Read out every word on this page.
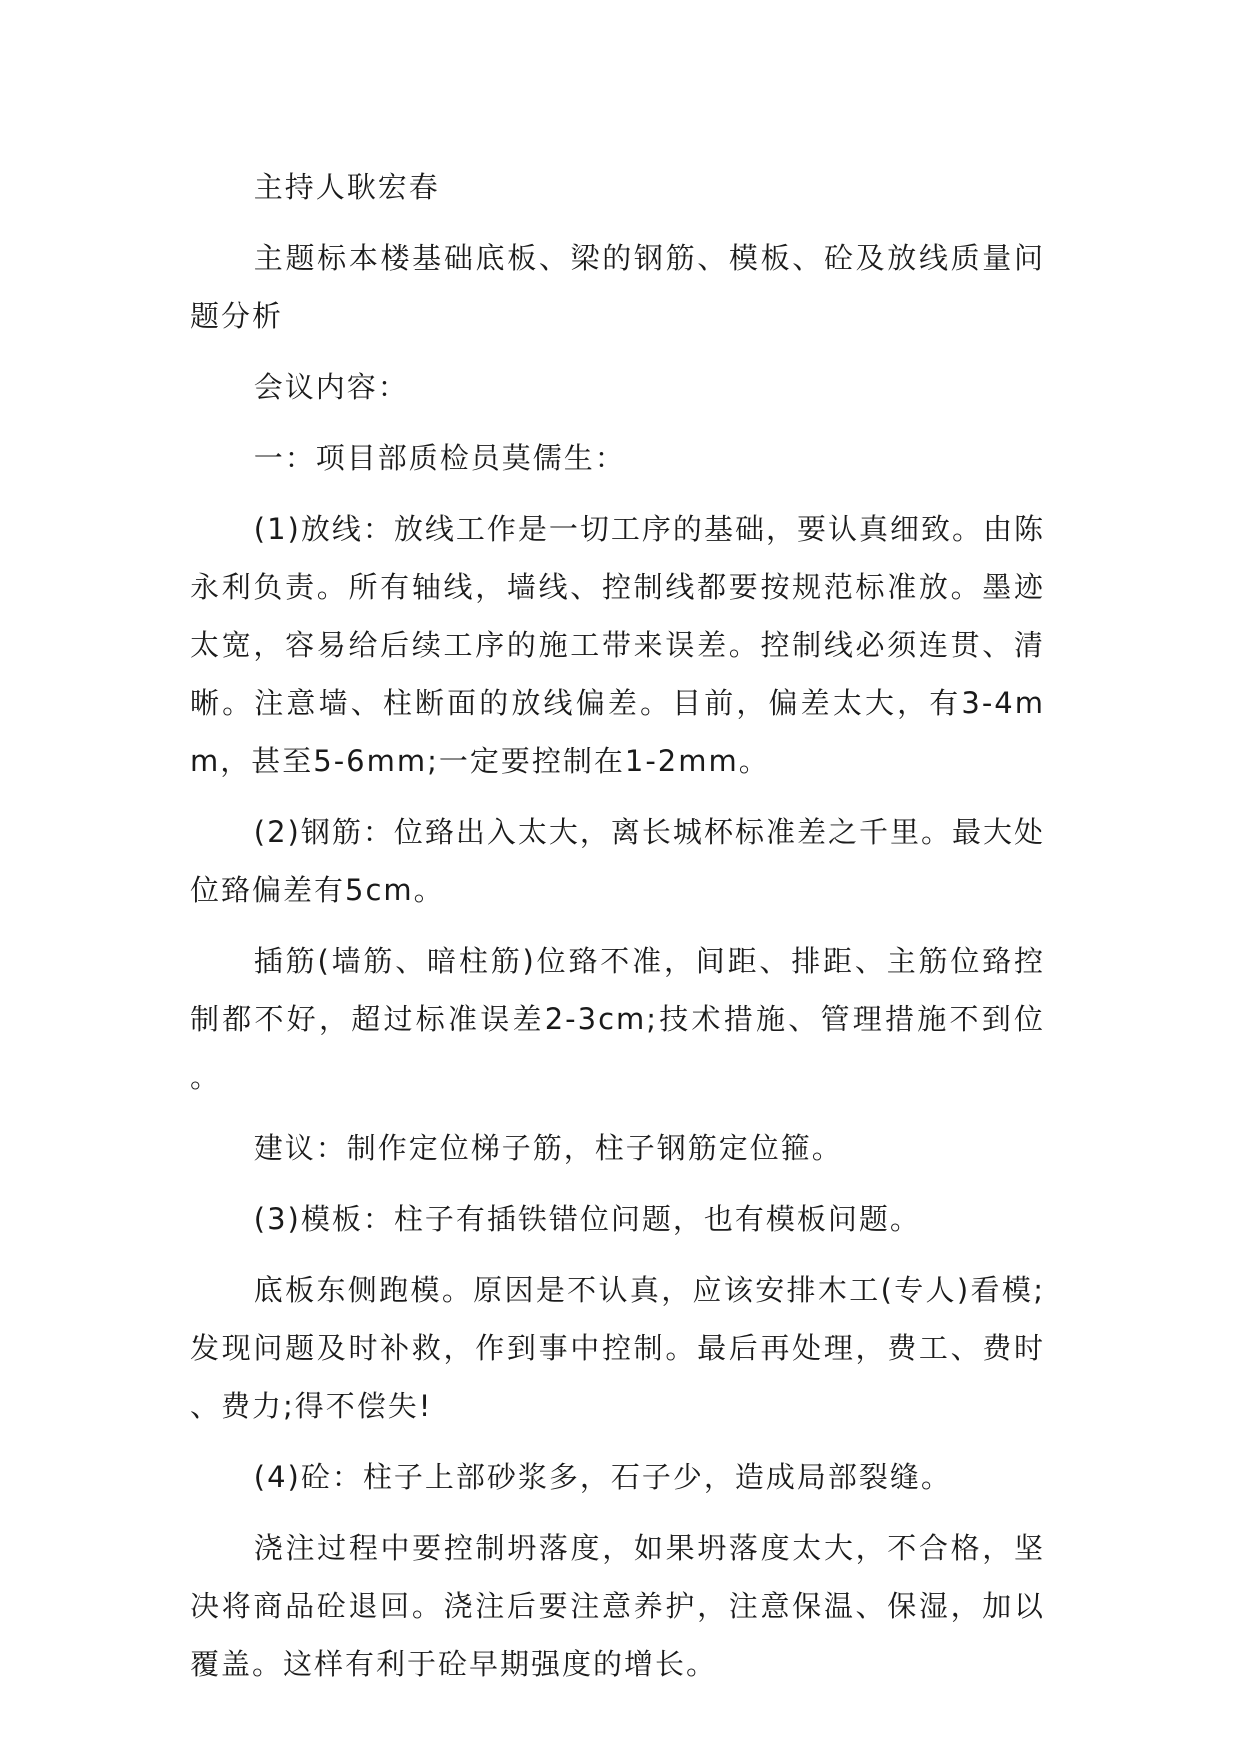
主持人耿宏春

主题标本楼基础底板、梁的钢筋、模板、砼及放线质量问题分析

会议内容：

一：项目部质检员莫儒生：

(1)放线：放线工作是一切工序的基础，要认真细致。由陈永利负责。所有轴线，墙线、控制线都要按规范标准放。墨迹太宽，容易给后续工序的施工带来误差。控制线必须连贯、清晰。注意墙、柱断面的放线偏差。目前，偏差太大，有3-4mm，甚至5-6mm;一定要控制在1-2mm。

(2)钢筋：位臵出入太大，离长城杯标准差之千里。最大处位臵偏差有5cm。

插筋(墙筋、暗柱筋)位臵不准，间距、排距、主筋位臵控制都不好，超过标准误差2-3cm;技术措施、管理措施不到位。

建议：制作定位梯子筋，柱子钢筋定位箍。

(3)模板：柱子有插铁错位问题，也有模板问题。

底板东侧跑模。原因是不认真，应该安排木工(专人)看模;发现问题及时补救，作到事中控制。最后再处理，费工、费时、费力;得不偿失!

(4)砼：柱子上部砂浆多，石子少，造成局部裂缝。

浇注过程中要控制坍落度，如果坍落度太大，不合格，坚决将商品砼退回。浇注后要注意养护，注意保温、保湿，加以覆盖。这样有利于砼早期强度的增长。
